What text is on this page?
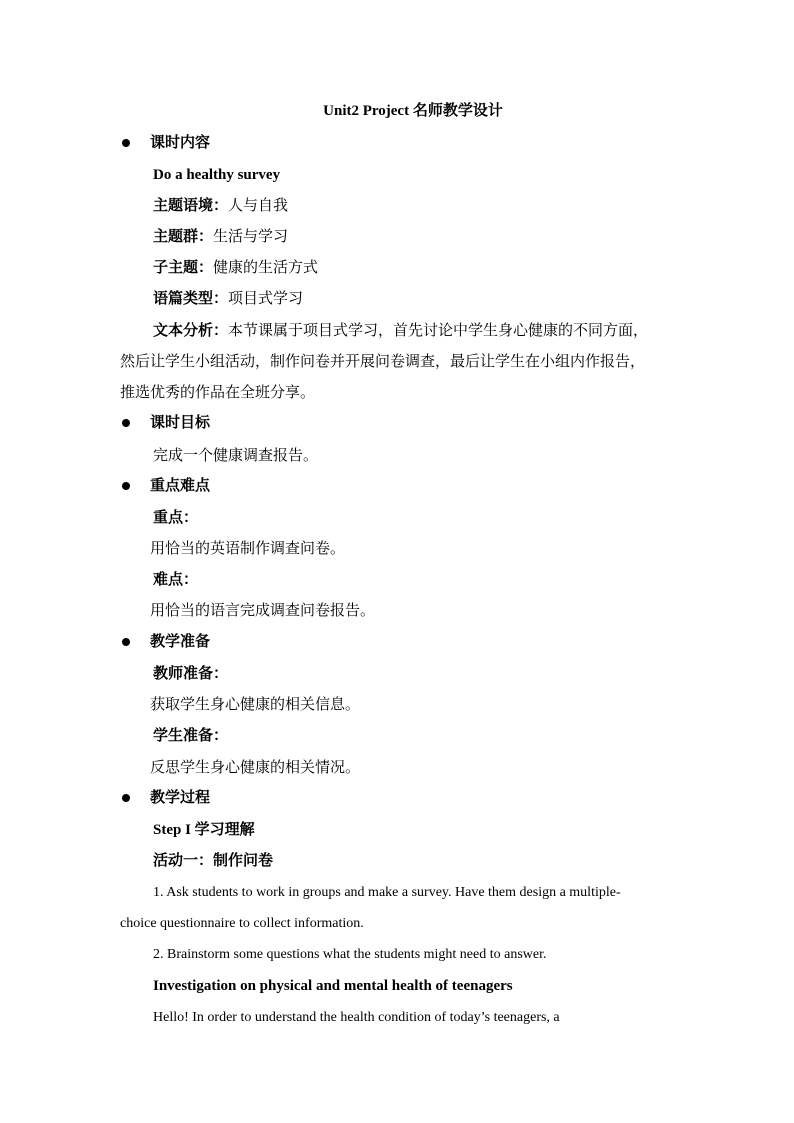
Unit2 Project 名师教学设计
课时内容
Do a healthy survey
主题语境：人与自我
主题群：生活与学习
子主题：健康的生活方式
语篇类型：项目式学习
文本分析：本节课属于项目式学习，首先讨论中学生身心健康的不同方面，
然后让学生小组活动，制作问卷并开展问卷调查，最后让学生在小组内作报告，
推选优秀的作品在全班分享。
课时目标
完成一个健康调查报告。
重点难点
重点：
用恰当的英语制作调查问卷。
难点：
用恰当的语言完成调查问卷报告。
教学准备
教师准备：
获取学生身心健康的相关信息。
学生准备：
反思学生身心健康的相关情况。
教学过程
Step I 学习理解
活动一：制作问卷
1. Ask students to work in groups and make a survey. Have them design a multiple-
choice questionnaire to collect information.
2. Brainstorm some questions what the students might need to answer.
Investigation on physical and mental health of teenagers
Hello! In order to understand the health condition of today’s teenagers, a
